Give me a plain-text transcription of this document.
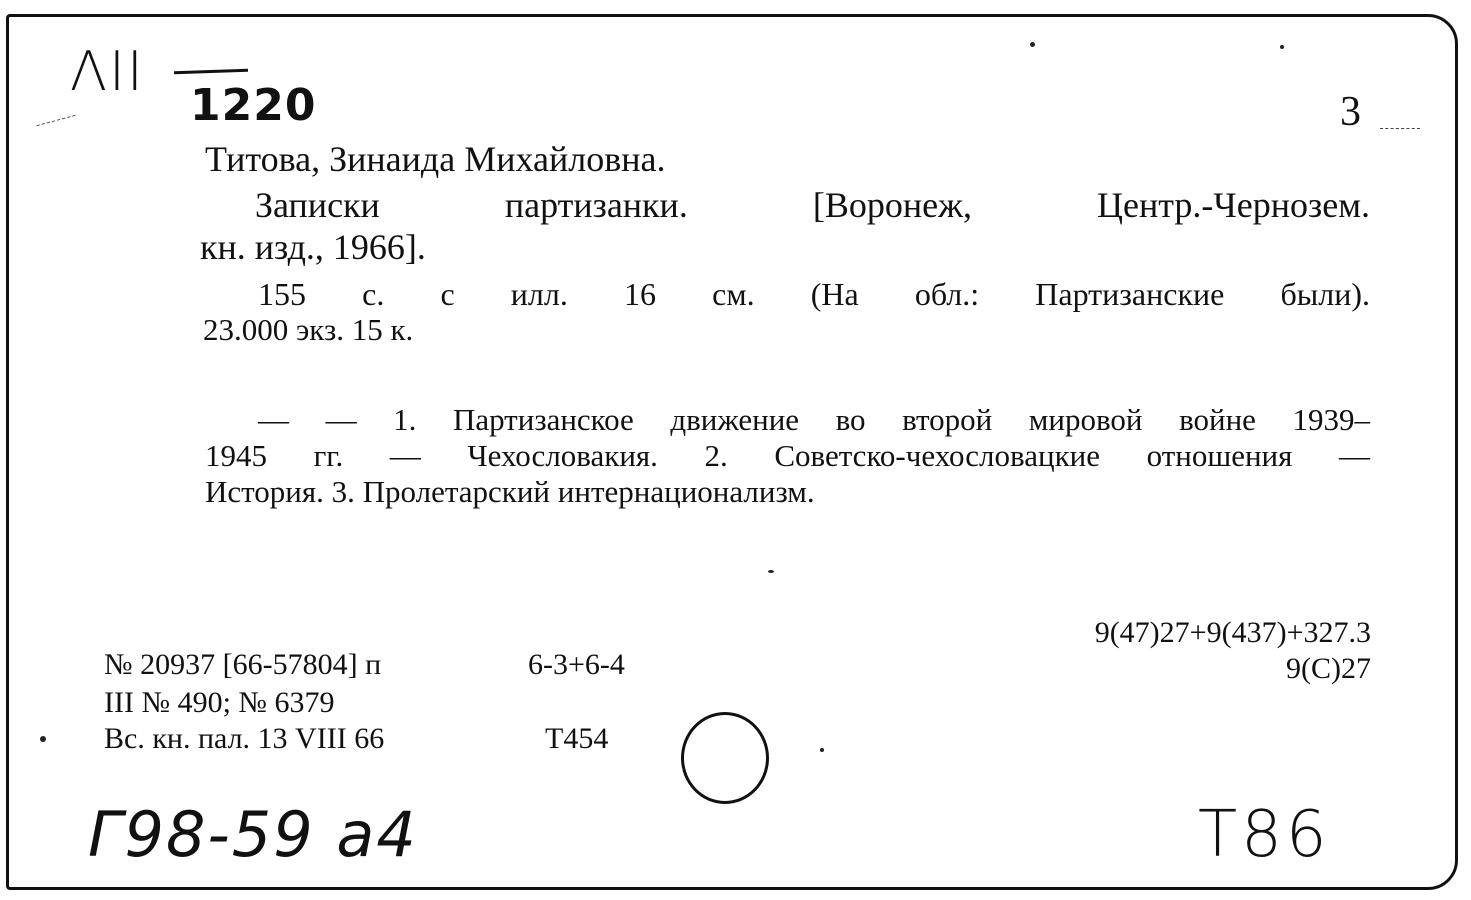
ΛII
1220	3
Титова, Зинаида Михайловна.
Записки партизанки. [Воронеж, Центр.-Чернозем.
кн. изд., 1966].
155 с. с илл. 16 см. (На обл.: Партизанские были).
23.000 экз. 15 к.
— — 1. Партизанское движение во второй мировой войне 1939–
1945 гг. — Чехословакия. 2. Советско-чехословацкие отношения —
История. 3. Пролетарский интернационализм.
9(47)27+9(437)+327.3
9(С)27
№ 20937 [66-57804] п	6-3+6-4
III № 490; № 6379
Вс. кн. пал. 13 VIII 66	Т454
Г98-59 а4	Т86
